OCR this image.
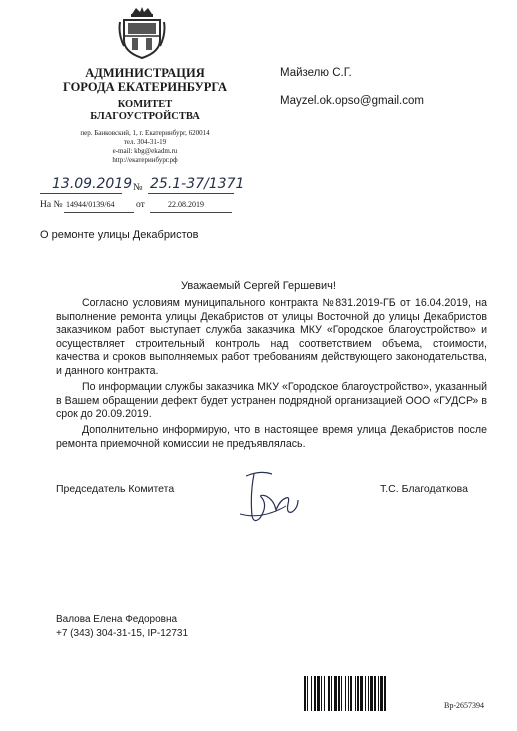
АДМИНИСТРАЦИЯ
ГОРОДА ЕКАТЕРИНБУРГА
КОМИТЕТ
БЛАГОУСТРОЙСТВА
пер. Банковский, 1, г. Екатеринбург, 620014
тел. 304-31-19
e-mail: kbg@ekadm.ru
http://екатеринбург.рф
Майзелю С.Г.
Mayzel.ok.opso@gmail.com
13.09.2019 № 25.1-37/1371
На № 14944/0139/64 от	22.08.2019
О ремонте улицы Декабристов
Уважаемый Сергей Гершевич!
Согласно условиям муниципального контракта №831.2019-ГБ от 16.04.2019, на выполнение ремонта улицы Декабристов от улицы Восточной до улицы Декабристов заказчиком работ выступает служба заказчика МКУ «Городское благоустройство» и осуществляет строительный контроль над соответствием объема, стоимости, качества и сроков выполняемых работ требованиям действующего законодательства, и данного контракта.
По информации службы заказчика МКУ «Городское благоустройство», указанный в Вашем обращении дефект будет устранен подрядной организацией ООО «ГУДСР» в срок до 20.09.2019.
Дополнительно информирую, что в настоящее время улица Декабристов после ремонта приемочной комиссии не предъявлялась.
Председатель Комитета	Т.С. Благодаткова
Валова Елена Федоровна
+7 (343) 304-31-15, IP-12731
Вр-2657394
